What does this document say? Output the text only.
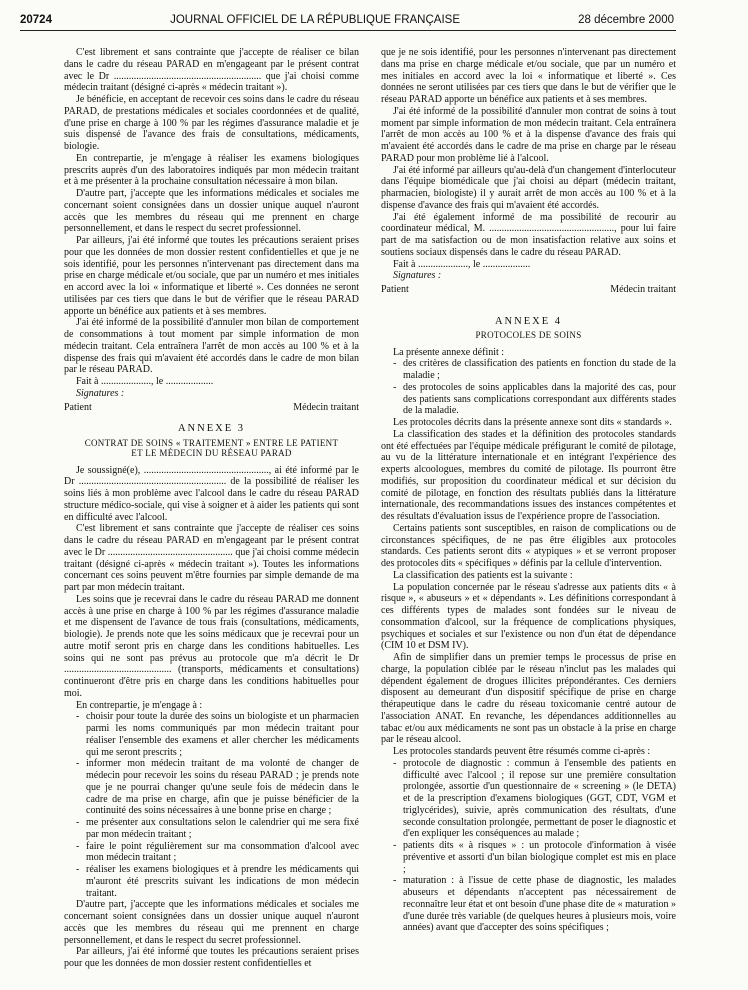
20724	JOURNAL OFFICIEL DE LA RÉPUBLIQUE FRANÇAISE	28 décembre 2000

C'est librement et sans contrainte que j'accepte de réaliser ce bilan dans le cadre du réseau PARAD en m'engageant par le présent contrat avec le Dr ........................................................... que j'ai choisi comme médecin traitant (désigné ci-après « médecin traitant »).

Je bénéficie, en acceptant de recevoir ces soins dans le cadre du réseau PARAD, de prestations médicales et sociales coordonnées et de qualité, d'une prise en charge à 100 % par les régimes d'assurance maladie et je suis dispensé de l'avance des frais de consultations, médicaments, biologie.

En contrepartie, je m'engage à réaliser les examens biologiques prescrits auprès d'un des laboratoires indiqués par mon médecin traitant et à me présenter à la prochaine consultation nécessaire à mon bilan.

D'autre part, j'accepte que les informations médicales et sociales me concernant soient consignées dans un dossier unique auquel n'auront accès que les membres du réseau qui me prennent en charge personnellement, et dans le respect du secret professionnel.

Par ailleurs, j'ai été informé que toutes les précautions seraient prises pour que les données de mon dossier restent confidentielles et que je ne sois identifié, pour les personnes n'intervenant pas directement dans ma prise en charge médicale et/ou sociale, que par un numéro et mes initiales en accord avec la loi « informatique et liberté ». Ces données ne seront utilisées par ces tiers que dans le but de vérifier que le réseau PARAD apporte un bénéfice aux patients et à ses membres.

J'ai été informé de la possibilité d'annuler mon bilan de comportement de consommations à tout moment par simple information de mon médecin traitant. Cela entraînera l'arrêt de mon accès au 100 % et à la dispense des frais qui m'avaient été accordés dans le cadre de mon bilan par le réseau PARAD.

Fait à ...................., le ...................

Signatures :

Patient	Médecin traitant
ANNEXE 3
CONTRAT DE SOINS « TRAITEMENT » ENTRE LE PATIENT
ET LE MÉDECIN DU RÉSEAU PARAD

Je soussigné(e), .................................................., ai été informé par le Dr ........................................................... de la possibilité de réaliser les soins liés à mon problème avec l'alcool dans le cadre du réseau PARAD structure médico-sociale, qui vise à soigner et à aider les patients qui sont en difficulté avec l'alcool.

C'est librement et sans contrainte que j'accepte de réaliser ces soins dans le cadre du réseau PARAD en m'engageant par le présent contrat avec le Dr .................................................. que j'ai choisi comme médecin traitant (désigné ci-après « médecin traitant »). Toutes les informations concernant ces soins peuvent m'être fournies par simple demande de ma part par mon médecin traitant.

Les soins que je recevrai dans le cadre du réseau PARAD me donnent accès à une prise en charge à 100 % par les régimes d'assurance maladie et me dispensent de l'avance de tous frais (consultations, médicaments, biologie). Je prends note que les soins médicaux que je recevrai pour un autre motif seront pris en charge dans les conditions habituelles. Les soins qui ne sont pas prévus au protocole que m'a décrit le Dr ........................................... (transports, médicaments et consultations) continueront d'être pris en charge dans les conditions habituelles pour moi.

En contrepartie, je m'engage à :

- choisir pour toute la durée des soins un biologiste et un pharmacien parmi les noms communiqués par mon médecin traitant pour réaliser l'ensemble des examens et aller chercher les médicaments qui me seront prescrits ;
- informer mon médecin traitant de ma volonté de changer de médecin pour recevoir les soins du réseau PARAD ; je prends note que je ne pourrai changer qu'une seule fois de médecin dans le cadre de ma prise en charge, afin que je puisse bénéficier de la continuité des soins nécessaires à une bonne prise en charge ;
- me présenter aux consultations selon le calendrier qui me sera fixé par mon médecin traitant ;
- faire le point régulièrement sur ma consommation d'alcool avec mon médecin traitant ;
- réaliser les examens biologiques et à prendre les médicaments qui m'auront été prescrits suivant les indications de mon médecin traitant.

D'autre part, j'accepte que les informations médicales et sociales me concernant soient consignées dans un dossier unique auquel n'auront accès que les membres du réseau qui me prennent en charge personnellement, et dans le respect du secret professionnel.

Par ailleurs, j'ai été informé que toutes les précautions seraient prises pour que les données de mon dossier restent confidentielles et

que je ne sois identifié, pour les personnes n'intervenant pas directement dans ma prise en charge médicale et/ou sociale, que par un numéro et mes initiales en accord avec la loi « informatique et liberté ». Ces données ne seront utilisées par ces tiers que dans le but de vérifier que le réseau PARAD apporte un bénéfice aux patients et à ses membres.

J'ai été informé de la possibilité d'annuler mon contrat de soins à tout moment par simple information de mon médecin traitant. Cela entraînera l'arrêt de mon accès au 100 % et à la dispense d'avance des frais qui m'avaient été accordés dans le cadre de ma prise en charge par le réseau PARAD pour mon problème lié à l'alcool.

J'ai été informé par ailleurs qu'au-delà d'un changement d'interlocuteur dans l'équipe biomédicale que j'ai choisi au départ (médecin traitant, pharmacien, biologiste) il y aurait arrêt de mon accès au 100 % et à la dispense d'avance des frais qui m'avaient été accordés.

J'ai été également informé de ma possibilité de recourir au coordinateur médical, M. .................................................., pour lui faire part de ma satisfaction ou de mon insatisfaction relative aux soins et soutiens sociaux dispensés dans le cadre du réseau PARAD.

Fait à ...................., le ...................

Signatures :

Patient	Médecin traitant
ANNEXE 4
PROTOCOLES DE SOINS

La présente annexe définit :

- des critères de classification des patients en fonction du stade de la maladie ;
- des protocoles de soins applicables dans la majorité des cas, pour des patients sans complications correspondant aux différents stades de la maladie.

Les protocoles décrits dans la présente annexe sont dits « standards ».

La classification des stades et la définition des protocoles standards ont été effectuées par l'équipe médicale préfigurant le comité de pilotage, au vu de la littérature internationale et en intégrant l'expérience des experts alcoologues, membres du comité de pilotage. Ils pourront être modifiés, sur proposition du coordinateur médical et sur décision du comité de pilotage, en fonction des résultats publiés dans la littérature internationale, des recommandations issues des instances compétentes et des résultats d'évaluation issus de l'expérience propre de l'association.

Certains patients sont susceptibles, en raison de complications ou de circonstances spécifiques, de ne pas être éligibles aux protocoles standards. Ces patients seront dits « atypiques » et se verront proposer des protocoles dits « spécifiques » définis par la cellule d'intervention.

La classification des patients est la suivante :

La population concernée par le réseau s'adresse aux patients dits « à risque », « abuseurs » et « dépendants ». Les définitions correspondant à ces différents types de malades sont fondées sur le niveau de consommation d'alcool, sur la fréquence de complications physiques, psychiques et sociales et sur l'existence ou non d'un état de dépendance (CIM 10 et DSM IV).

Afin de simplifier dans un premier temps le processus de prise en charge, la population ciblée par le réseau n'inclut pas les malades qui dépendent également de drogues illicites prépondérantes. Ces derniers disposent au demeurant d'un dispositif spécifique de prise en charge thérapeutique dans le cadre du réseau toxicomanie centré autour de l'association ANAT. En revanche, les dépendances additionnelles au tabac et/ou aux médicaments ne sont pas un obstacle à la prise en charge par le réseau alcool.

Les protocoles standards peuvent être résumés comme ci-après :

- protocole de diagnostic : commun à l'ensemble des patients en difficulté avec l'alcool ; il repose sur une première consultation prolongée, assortie d'un questionnaire de « screening » (le DETA) et de la prescription d'examens biologiques (GGT, CDT, VGM et triglycérides), suivie, après communication des résultats, d'une seconde consultation prolongée, permettant de poser le diagnostic et d'en expliquer les conséquences au malade ;
- patients dits « à risques » : un protocole d'information à visée préventive et assorti d'un bilan biologique complet est mis en place ;
- maturation : à l'issue de cette phase de diagnostic, les malades abuseurs et dépendants n'acceptent pas nécessairement de reconnaître leur état et ont besoin d'une phase dite de « maturation » d'une durée très variable (de quelques heures à plusieurs mois, voire années) avant que d'accepter des soins spécifiques ;
